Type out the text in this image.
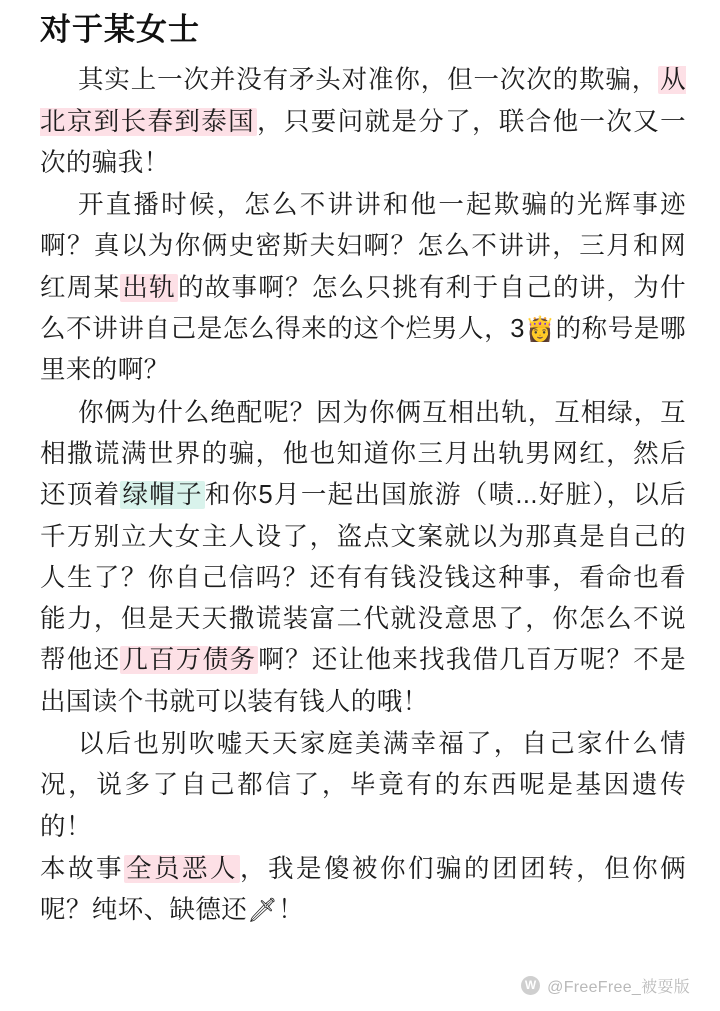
对于某女士
其实上一次并没有矛头对准你，但一次次的欺骗，从北京到长春到泰国，只要问就是分了，联合他一次又一次的骗我！
开直播时候，怎么不讲讲和他一起欺骗的光辉事迹啊？真以为你俩史密斯夫妇啊？怎么不讲讲，三月和网红周某出轨的故事啊？怎么只挑有利于自己的讲，为什么不讲讲自己是怎么得来的这个烂男人，3👸的称号是哪里来的啊？
你俩为什么绝配呢？因为你俩互相出轨，互相绿，互相撒谎满世界的骗，他也知道你三月出轨男网红，然后还顶着绿帽子和你5月一起出国旅游（啧...好脏），以后千万别立大女主人设了，盗点文案就以为那真是自己的人生了？你自己信吗？还有有钱没钱这种事，看命也看能力，但是天天撒谎装富二代就没意思了，你怎么不说帮他还几百万债务啊？还让他来找我借几百万呢？不是出国读个书就可以装有钱人的哦！
以后也别吹嘘天天家庭美满幸福了，自己家什么情况，说多了自己都信了，毕竟有的东西呢是基因遗传的！
本故事全员恶人，我是傻被你们骗的团团转，但你俩呢？纯坏、缺德还🗡！
W @FreeFree_被耍版
